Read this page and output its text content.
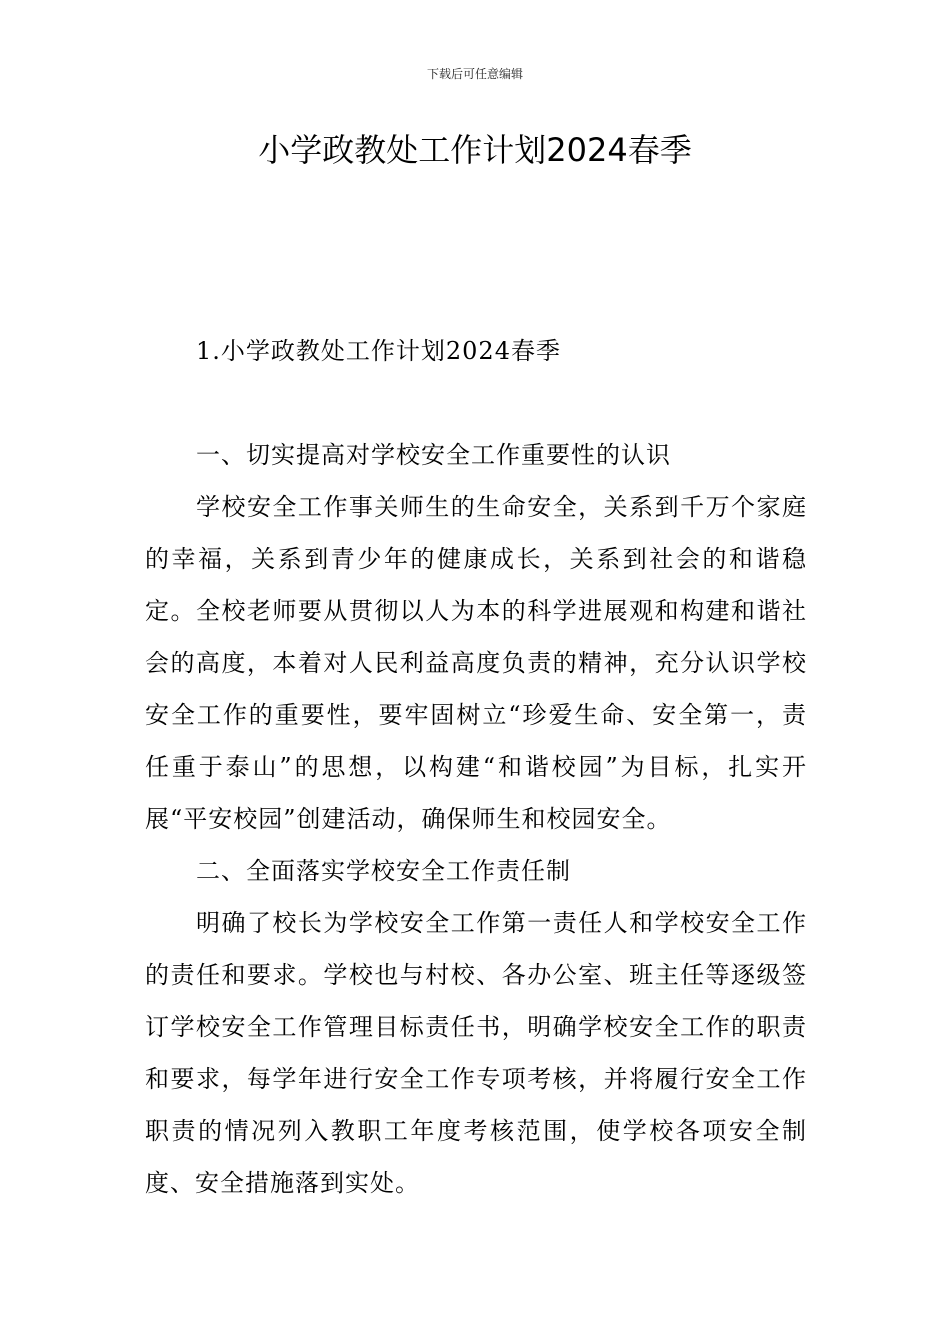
下载后可任意编辑
小学政教处工作计划2024春季

1.小学政教处工作计划2024春季

一、切实提高对学校安全工作重要性的认识

学校安全工作事关师生的生命安全，关系到千万个家庭的幸福，关系到青少年的健康成长，关系到社会的和谐稳定。全校老师要从贯彻以人为本的科学进展观和构建和谐社会的高度，本着对人民利益高度负责的精神，充分认识学校安全工作的重要性，要牢固树立“珍爱生命、安全第一，责任重于泰山”的思想，以构建“和谐校园”为目标，扎实开展“平安校园”创建活动，确保师生和校园安全。

二、全面落实学校安全工作责任制

明确了校长为学校安全工作第一责任人和学校安全工作的责任和要求。学校也与村校、各办公室、班主任等逐级签订学校安全工作管理目标责任书，明确学校安全工作的职责和要求，每学年进行安全工作专项考核，并将履行安全工作职责的情况列入教职工年度考核范围，使学校各项安全制度、安全措施落到实处。
